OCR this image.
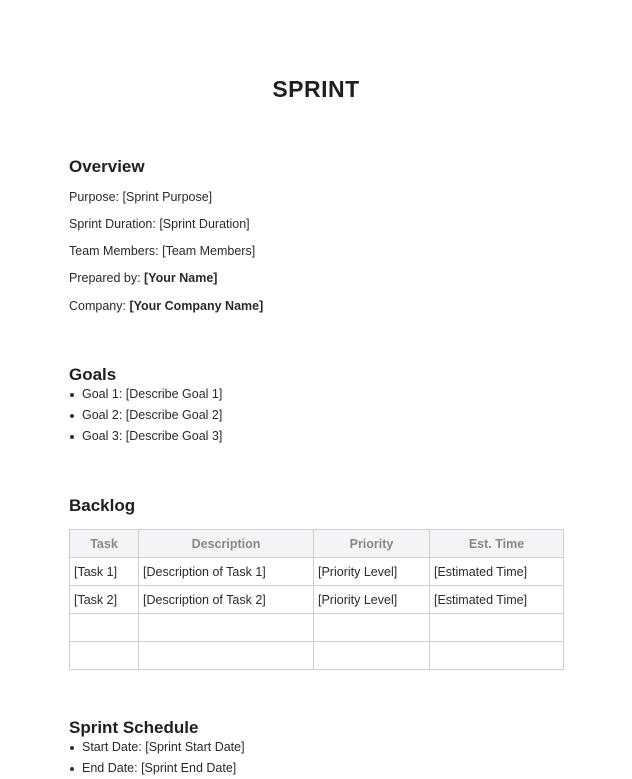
SPRINT
Overview
Purpose: [Sprint Purpose]
Sprint Duration: [Sprint Duration]
Team Members: [Team Members]
Prepared by: [Your Name]
Company: [Your Company Name]
Goals
Goal 1: [Describe Goal 1]
Goal 2: [Describe Goal 2]
Goal 3: [Describe Goal 3]
Backlog
Task	Description	Priority	Est. Time
[Task 1]	[Description of Task 1]	[Priority Level]	[Estimated Time]
[Task 2]	[Description of Task 2]	[Priority Level]	[Estimated Time]

Sprint Schedule
Start Date: [Sprint Start Date]
End Date: [Sprint End Date]
